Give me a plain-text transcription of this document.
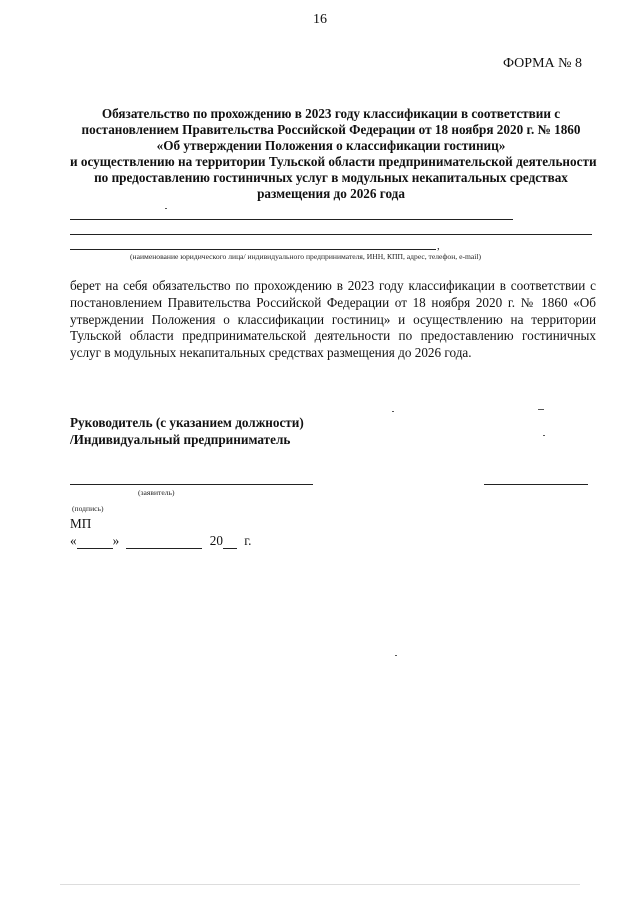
16
ФОРМА № 8
Обязательство по прохождению в 2023 году классификации в соответствии с
постановлением Правительства Российской Федерации от 18 ноября 2020 г. № 1860
«Об утверждении Положения о классификации гостиниц»
и осуществлению на территории Тульской области предпринимательской деятельности
по предоставлению гостиничных услуг в модульных некапитальных средствах
размещения до 2026 года
,
(наименование юридического лица/ индивидуального предпринимателя, ИНН, КПП, адрес, телефон, e-mail)
берет на себя обязательство по прохождению в 2023 году классификации в соответствии с постановлением Правительства Российской Федерации от 18 ноября 2020 г. № 1860 «Об утверждении Положения о классификации гостиниц» и осуществлению на территории Тульской области предпринимательской деятельности по предоставлению гостиничных услуг в модульных некапитальных средствах размещения до 2026 года.
Руководитель (с указанием должности)
/Индивидуальный предприниматель
(заявитель)
(подпись)
МП
«	»	20 г.
